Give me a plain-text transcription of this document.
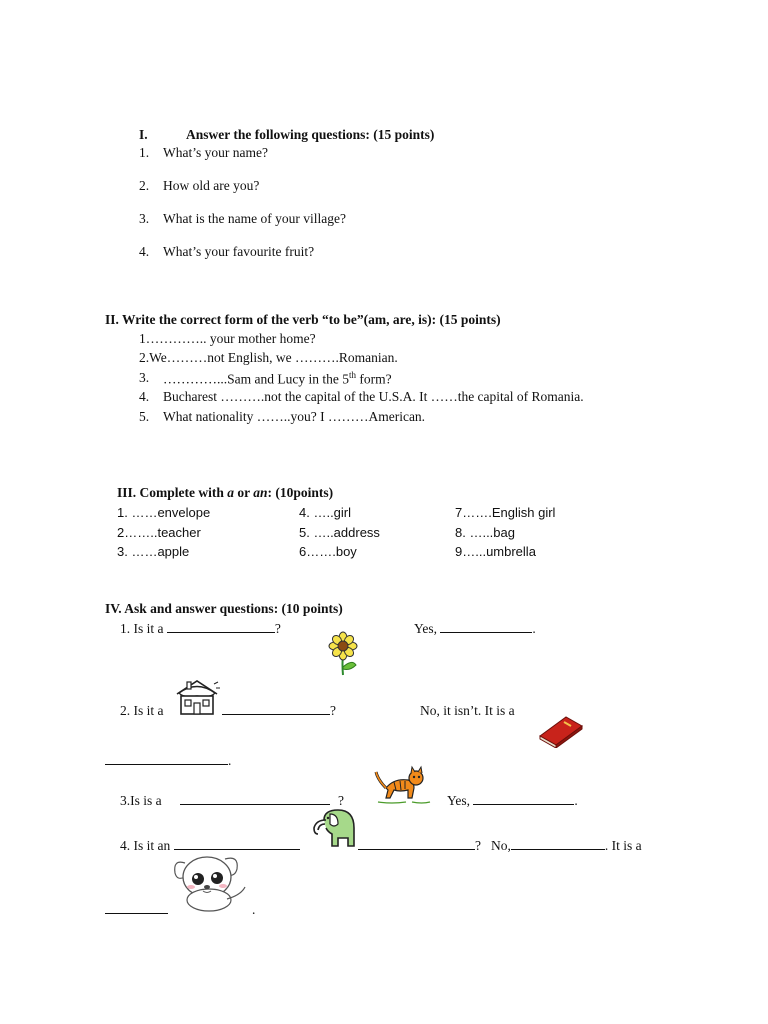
I.	Answer the following questions: (15 points)
1. What’s your name?
2. How old are you?
3. What is the name of your village?
4. What’s your favourite fruit?
II. Write the correct form of the verb “to be”(am, are, is): (15 points)
1………….. your mother home?
2.We………not English, we ……….Romanian.
3. …………...Sam and Lucy in the 5th form?
4. Bucharest ……….not the capital of the U.S.A. It ……the capital of Romania.
5. What nationality ……..you? I ………American.
III. Complete with a or an: (10points)
1. ……envelope	4. …..girl	7…….English girl
2……..teacher	5. …..address	8. …...bag
3. ……apple	6…….boy	9…...umbrella
IV. Ask and answer questions: (10 points)
1. Is it a	?	Yes,	.
2. Is it a	?	No, it isn’t. It is a
.
3.Is is a	?	Yes,	.
4. Is it an	? No,	. It is a
.
